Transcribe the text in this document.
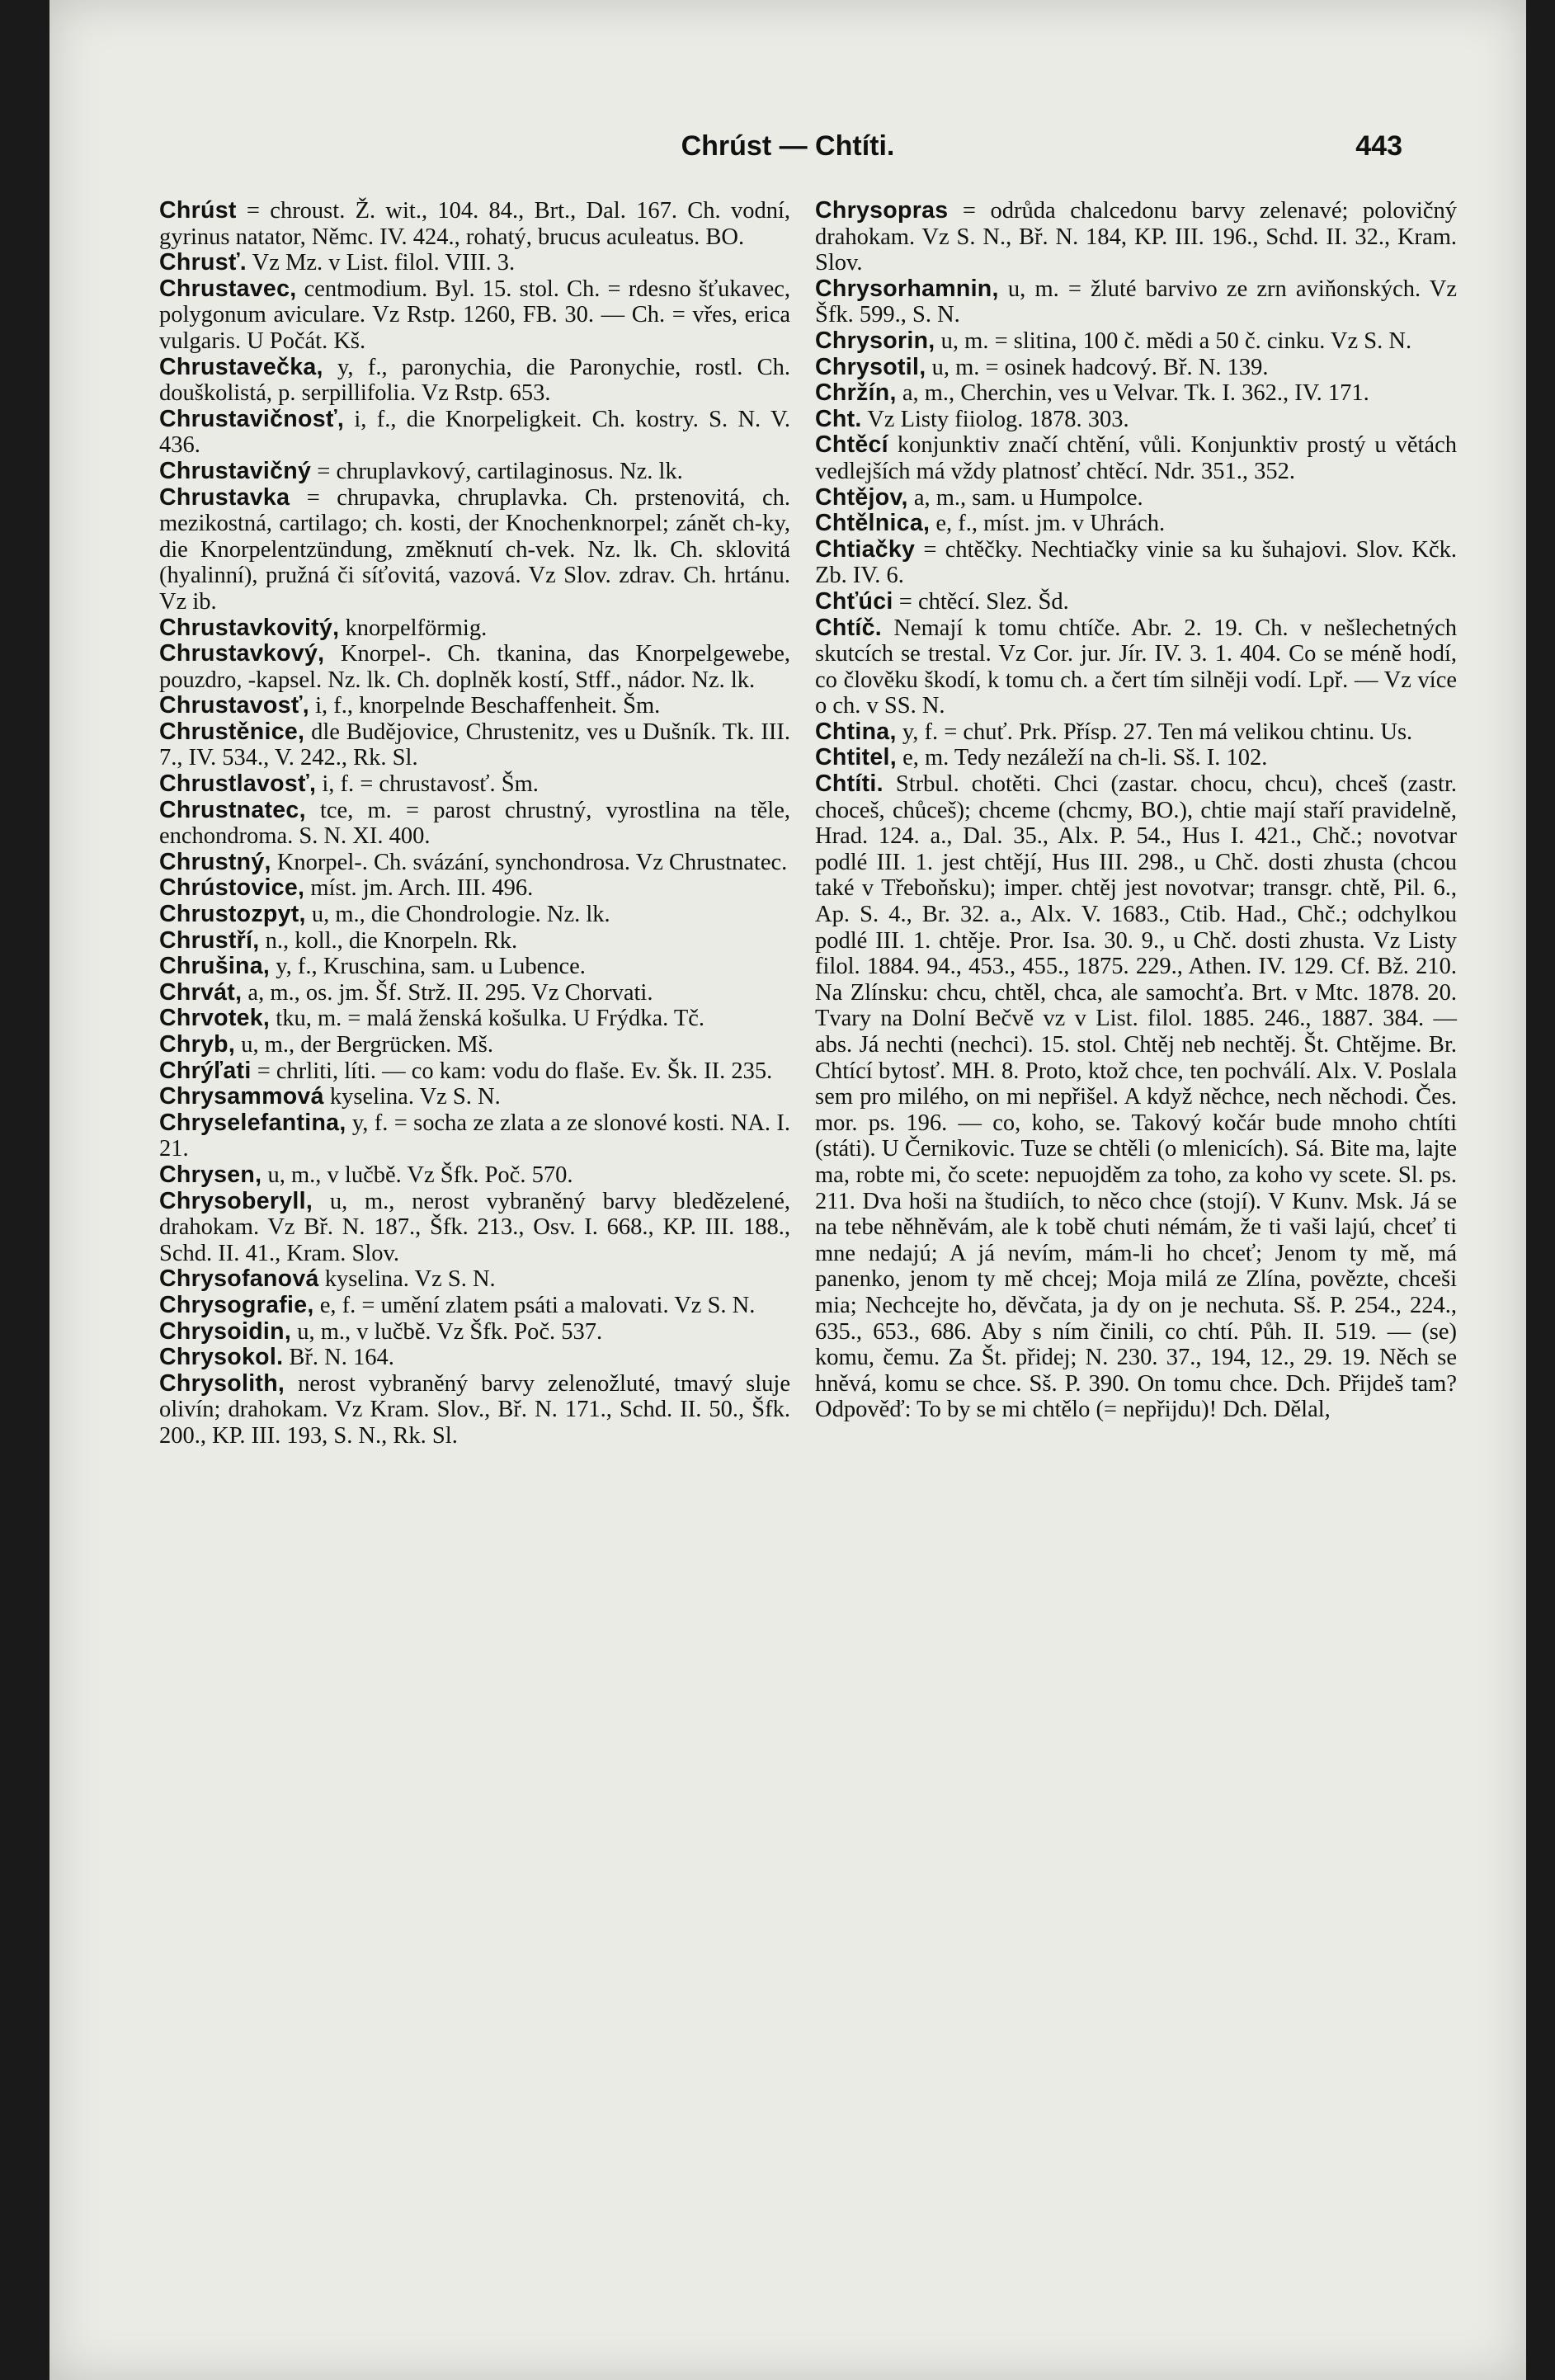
Chrúst — Chtíti.	443

Chrúst = chroust. Ž. wit., 104. 84., Brt., Dal. 167. Ch. vodní, gyrinus natator, Němc. IV. 424., rohatý, brucus aculeatus. BO.

Chrusť. Vz Mz. v List. filol. VIII. 3.

Chrustavec, centmodium. Byl. 15. stol. Ch. = rdesno šťukavec, polygonum aviculare. Vz Rstp. 1260, FB. 30. — Ch. = vřes, erica vulgaris. U Počát. Kš.

Chrustavečka, y, f., paronychia, die Paronychie, rostl. Ch. douškolistá, p. serpillifolia. Vz Rstp. 653.

Chrustavičnosť, i, f., die Knorpeligkeit. Ch. kostry. S. N. V. 436.

Chrustavičný = chruplavkový, cartilaginosus. Nz. lk.

Chrustavka = chrupavka, chruplavka. Ch. prstenovitá, ch. mezikostná, cartilago; ch. kosti, der Knochenknorpel; zánět ch-ky, die Knorpelentzündung, změknutí ch-vek. Nz. lk. Ch. sklovitá (hyalinní), pružná či síťovitá, vazová. Vz Slov. zdrav. Ch. hrtánu. Vz ib.

Chrustavkovitý, knorpelförmig.

Chrustavkový, Knorpel-. Ch. tkanina, das Knorpelgewebe, pouzdro, -kapsel. Nz. lk. Ch. doplněk kostí, Stff., nádor. Nz. lk.

Chrustavosť, i, f., knorpelnde Beschaffenheit. Šm.

Chrustěnice, dle Budějovice, Chrustenitz, ves u Dušník. Tk. III. 7., IV. 534., V. 242., Rk. Sl.

Chrustlavosť, i, f. = chrustavosť. Šm.

Chrustnatec, tce, m. = parost chrustný, vyrostlina na těle, enchondroma. S. N. XI. 400.

Chrustný, Knorpel-. Ch. svázání, synchondrosa. Vz Chrustnatec.

Chrústovice, míst. jm. Arch. III. 496.

Chrustozpyt, u, m., die Chondrologie. Nz. lk.

Chrustří, n., koll., die Knorpeln. Rk.

Chrušina, y, f., Kruschina, sam. u Lubence.

Chrvát, a, m., os. jm. Šf. Strž. II. 295. Vz Chorvati.

Chrvotek, tku, m. = malá ženská košulka. U Frýdka. Tč.

Chryb, u, m., der Bergrücken. Mš.

Chrýľati = chrliti, líti. — co kam: vodu do flaše. Ev. Šk. II. 235.

Chrysammová kyselina. Vz S. N.

Chryselefantina, y, f. = socha ze zlata a ze slonové kosti. NA. I. 21.

Chrysen, u, m., v lučbě. Vz Šfk. Poč. 570.

Chrysoberyll, u, m., nerost vybraněný barvy bledězelené, drahokam. Vz Bř. N. 187., Šfk. 213., Osv. I. 668., KP. III. 188., Schd. II. 41., Kram. Slov.

Chrysofanová kyselina. Vz S. N.

Chrysografie, e, f. = umění zlatem psáti a malovati. Vz S. N.

Chrysoidin, u, m., v lučbě. Vz Šfk. Poč. 537.

Chrysokol. Bř. N. 164.

Chrysolith, nerost vybraněný barvy zelenožluté, tmavý sluje olivín; drahokam. Vz Kram. Slov., Bř. N. 171., Schd. II. 50., Šfk. 200., KP. III. 193, S. N., Rk. Sl.

Chrysopras = odrůda chalcedonu barvy zelenavé; polovičný drahokam. Vz S. N., Bř. N. 184, KP. III. 196., Schd. II. 32., Kram. Slov.

Chrysorhamnin, u, m. = žluté barvivo ze zrn aviňonských. Vz Šfk. 599., S. N.

Chrysorin, u, m. = slitina, 100 č. mědi a 50 č. cinku. Vz S. N.

Chrysotil, u, m. = osinek hadcový. Bř. N. 139.

Chržín, a, m., Cherchin, ves u Velvar. Tk. I. 362., IV. 171.

Cht. Vz Listy fiiolog. 1878. 303.

Chtěcí konjunktiv značí chtění, vůli. Konjunktiv prostý u větách vedlejších má vždy platnosť chtěcí. Ndr. 351., 352.

Chtějov, a, m., sam. u Humpolce.

Chtělnica, e, f., míst. jm. v Uhrách.

Chtiačky = chtěčky. Nechtiačky vinie sa ku šuhajovi. Slov. Kčk. Zb. IV. 6.

Chťúci = chtěcí. Slez. Šd.

Chtíč. Nemají k tomu chtíče. Abr. 2. 19. Ch. v nešlechetných skutcích se trestal. Vz Cor. jur. Jír. IV. 3. 1. 404. Co se méně hodí, co člověku škodí, k tomu ch. a čert tím silněji vodí. Lpř. — Vz více o ch. v SS. N.

Chtina, y, f. = chuť. Prk. Přísp. 27. Ten má velikou chtinu. Us.

Chtitel, e, m. Tedy nezáleží na ch-li. Sš. I. 102.

Chtíti. Strbul. chotěti. Chci (zastar. chocu, chcu), chceš (zastr. choceš, chůceš); chceme (chcmy, BO.), chtie mají staří pravidelně, Hrad. 124. a., Dal. 35., Alx. P. 54., Hus I. 421., Chč.; novotvar podlé III. 1. jest chtějí, Hus III. 298., u Chč. dosti zhusta (chcou také v Třeboňsku); imper. chtěj jest novotvar; transgr. chtě, Pil. 6., Ap. S. 4., Br. 32. a., Alx. V. 1683., Ctib. Had., Chč.; odchylkou podlé III. 1. chtěje. Pror. Isa. 30. 9., u Chč. dosti zhusta. Vz Listy filol. 1884. 94., 453., 455., 1875. 229., Athen. IV. 129. Cf. Bž. 210. Na Zlínsku: chcu, chtěl, chca, ale samochťa. Brt. v Mtc. 1878. 20. Tvary na Dolní Bečvě vz v List. filol. 1885. 246., 1887. 384. — abs. Já nechti (nechci). 15. stol. Chtěj neb nechtěj. Št. Chtějme. Br. Chtící bytosť. MH. 8. Proto, ktož chce, ten pochválí. Alx. V. Poslala sem pro milého, on mi nepřišel. A když něchce, nech něchodi. Čes. mor. ps. 196. — co, koho, se. Takový kočár bude mnoho chtíti (státi). U Černikovic. Tuze se chtěli (o mlenicích). Sá. Bite ma, lajte ma, robte mi, čo scete: nepuojděm za toho, za koho vy scete. Sl. ps. 211. Dva hoši na študiích, to něco chce (stojí). V Kunv. Msk. Já se na tebe něhněvám, ale k tobě chuti némám, že ti vaši lajú, chceť ti mne nedajú; A já nevím, mám-li ho chceť; Jenom ty mě, má panenko, jenom ty mě chcej; Moja milá ze Zlína, povězte, chceši mia; Nechcejte ho, děvčata, ja dy on je nechuta. Sš. P. 254., 224., 635., 653., 686. Aby s ním činili, co chtí. Půh. II. 519. — (se) komu, čemu. Za Št. přidej; N. 230. 37., 194, 12., 29. 19. Něch se hněvá, komu se chce. Sš. P. 390. On tomu chce. Dch. Přijdeš tam? Odpověď: To by se mi chtělo (= nepřijdu)! Dch. Dělal,
